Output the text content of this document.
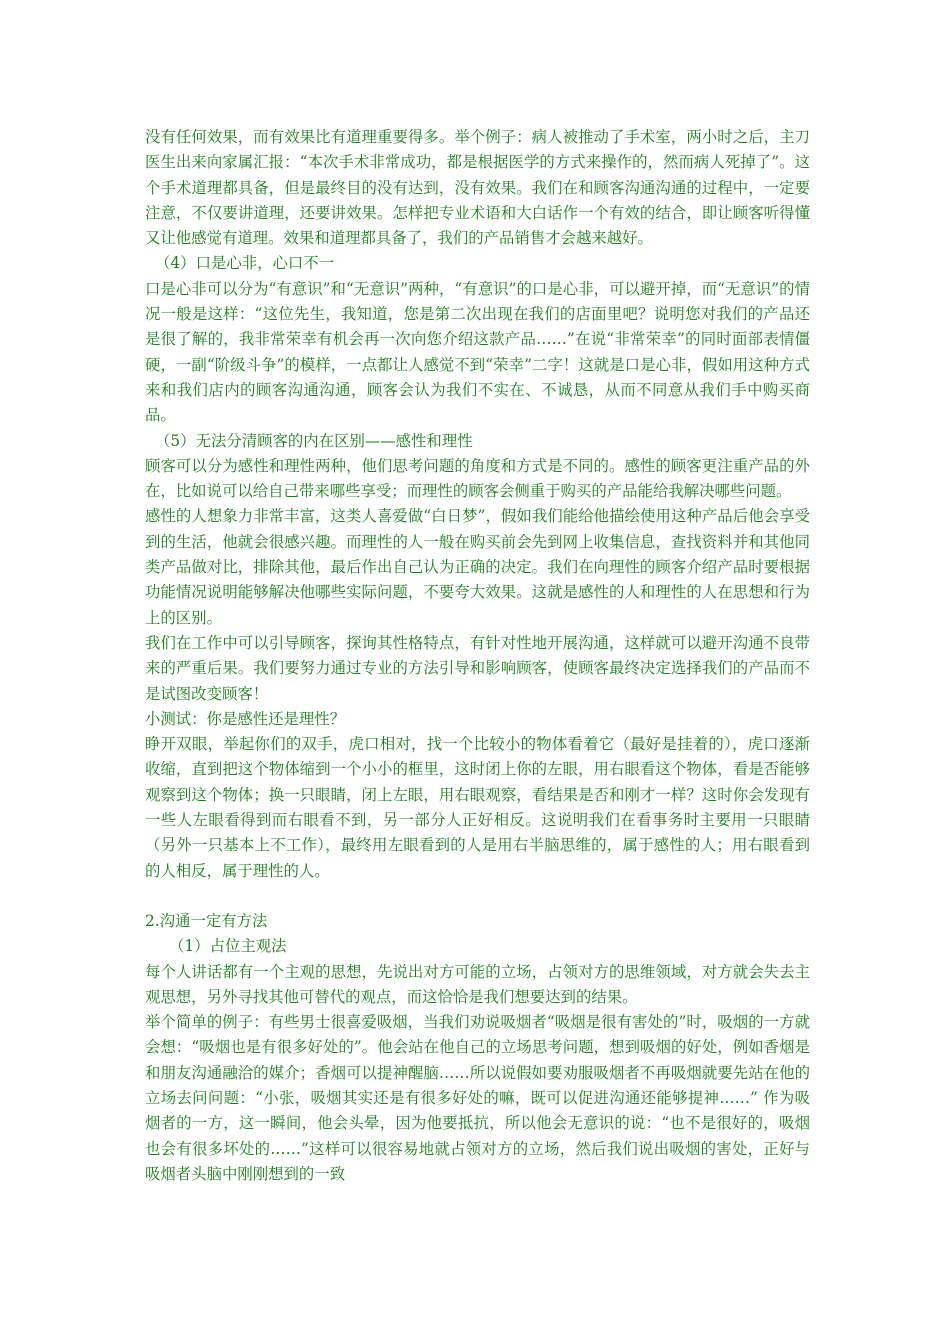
没有任何效果，而有效果比有道理重要得多。举个例子：病人被推动了手术室，两小时之后，主刀医生出来向家属汇报：“本次手术非常成功，都是根据医学的方式来操作的，然而病人死掉了”。这个手术道理都具备，但是最终目的没有达到，没有效果。我们在和顾客沟通沟通的过程中，一定要注意，不仅要讲道理，还要讲效果。怎样把专业术语和大白话作一个有效的结合，即让顾客听得懂又让他感觉有道理。效果和道理都具备了，我们的产品销售才会越来越好。

（4）口是心非，心口不一

口是心非可以分为“有意识”和“无意识”两种，“有意识”的口是心非，可以避开掉，而“无意识”的情况一般是这样：“这位先生，我知道，您是第二次出现在我们的店面里吧？说明您对我们的产品还是很了解的，我非常荣幸有机会再一次向您介绍这款产品……”在说“非常荣幸”的同时面部表情僵硬，一副“阶级斗争”的模样，一点都让人感觉不到“荣幸”二字！这就是口是心非，假如用这种方式来和我们店内的顾客沟通沟通，顾客会认为我们不实在、不诚恳，从而不同意从我们手中购买商品。

（5）无法分清顾客的内在区别——感性和理性

顾客可以分为感性和理性两种，他们思考问题的角度和方式是不同的。感性的顾客更注重产品的外在，比如说可以给自己带来哪些享受；而理性的顾客会侧重于购买的产品能给我解决哪些问题。

感性的人想象力非常丰富，这类人喜爱做“白日梦”，假如我们能给他描绘使用这种产品后他会享受到的生活，他就会很感兴趣。而理性的人一般在购买前会先到网上收集信息，查找资料并和其他同类产品做对比，排除其他，最后作出自己认为正确的决定。我们在向理性的顾客介绍产品时要根据功能情况说明能够解决他哪些实际问题，不要夸大效果。这就是感性的人和理性的人在思想和行为上的区别。

我们在工作中可以引导顾客，探询其性格特点，有针对性地开展沟通，这样就可以避开沟通不良带来的严重后果。我们要努力通过专业的方法引导和影响顾客，使顾客最终决定选择我们的产品而不是试图改变顾客！

小测试：你是感性还是理性？

睁开双眼，举起你们的双手，虎口相对，找一个比较小的物体看着它（最好是挂着的），虎口逐渐收缩，直到把这个物体缩到一个小小的框里，这时闭上你的左眼，用右眼看这个物体，看是否能够观察到这个物体；换一只眼睛，闭上左眼，用右眼观察，看结果是否和刚才一样？这时你会发现有一些人左眼看得到而右眼看不到，另一部分人正好相反。这说明我们在看事务时主要用一只眼睛（另外一只基本上不工作），最终用左眼看到的人是用右半脑思维的，属于感性的人；用右眼看到的人相反，属于理性的人。

2.沟通一定有方法

（1）占位主观法

每个人讲话都有一个主观的思想，先说出对方可能的立场，占领对方的思维领域，对方就会失去主观思想，另外寻找其他可替代的观点，而这恰恰是我们想要达到的结果。

举个简单的例子：有些男士很喜爱吸烟，当我们劝说吸烟者“吸烟是很有害处的”时，吸烟的一方就会想：“吸烟也是有很多好处的”。他会站在他自己的立场思考问题，想到吸烟的好处，例如香烟是和朋友沟通融洽的媒介；香烟可以提神醒脑……所以说假如要劝服吸烟者不再吸烟就要先站在他的立场去问问题：“小张，吸烟其实还是有很多好处的嘛，既可以促进沟通还能够提神……” 作为吸烟者的一方，这一瞬间，他会头晕，因为他要抵抗，所以他会无意识的说：“也不是很好的，吸烟也会有很多坏处的……”这样可以很容易地就占领对方的立场，然后我们说出吸烟的害处，正好与吸烟者头脑中刚刚想到的一致
